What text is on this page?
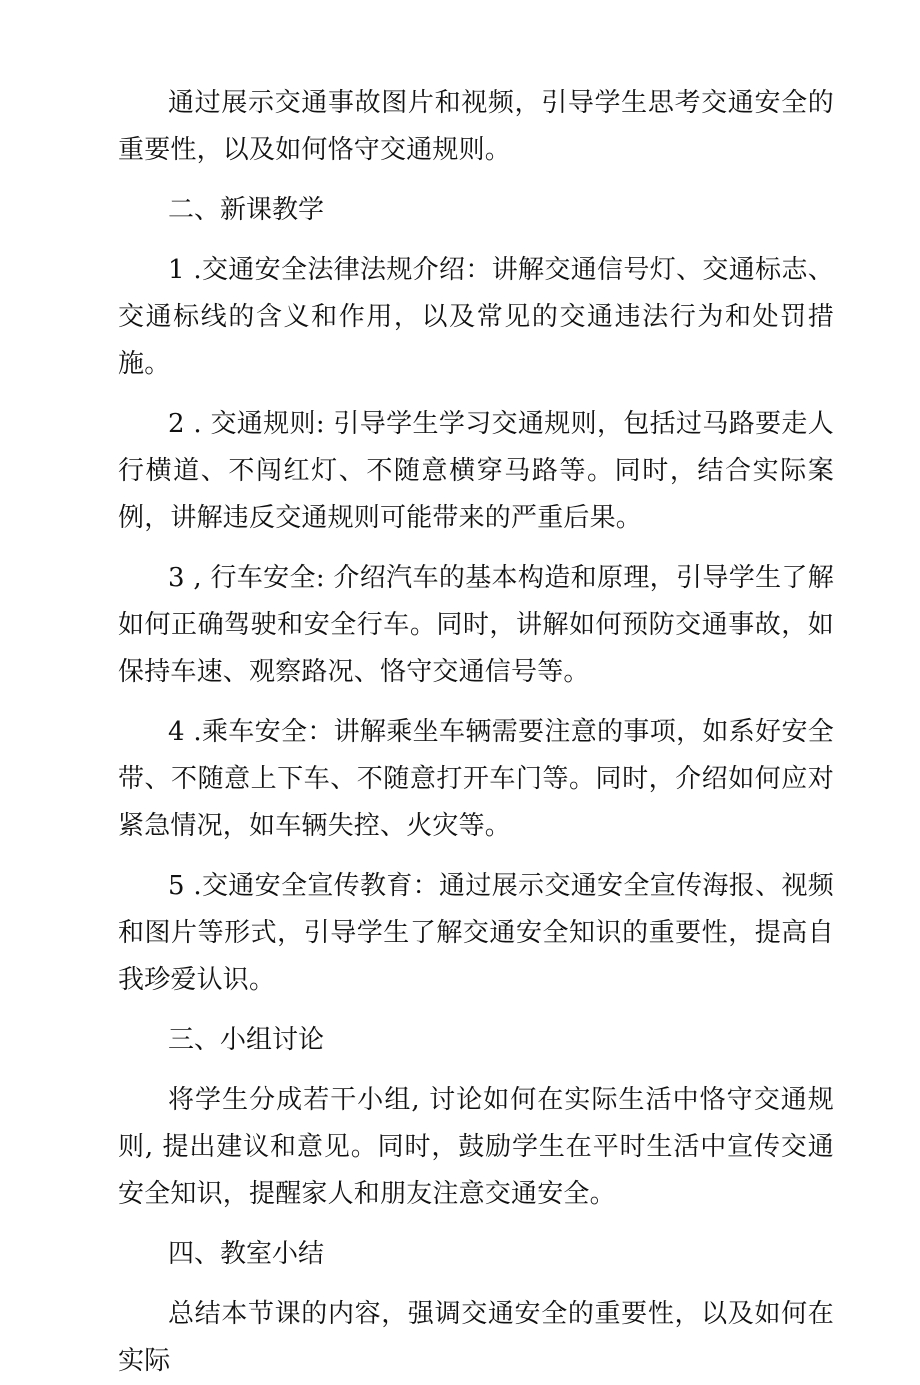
通过展示交通事故图片和视频，引导学生思考交通安全的重要性，以及如何恪守交通规则。

二、新课教学

1 .交通安全法律法规介绍：讲解交通信号灯、交通标志、交通标线的含义和作用，以及常见的交通违法行为和处罚措施。

2 . 交通规则: 引导学生学习交通规则，包括过马路要走人行横道、不闯红灯、不随意横穿马路等。同时，结合实际案例，讲解违反交通规则可能带来的严重后果。

3 , 行车安全: 介绍汽车的基本构造和原理，引导学生了解如何正确驾驶和安全行车。同时，讲解如何预防交通事故，如保持车速、观察路况、恪守交通信号等。

4 .乘车安全：讲解乘坐车辆需要注意的事项，如系好安全带、不随意上下车、不随意打开车门等。同时，介绍如何应对紧急情况，如车辆失控、火灾等。

5 .交通安全宣传教育：通过展示交通安全宣传海报、视频和图片等形式，引导学生了解交通安全知识的重要性，提高自我珍爱认识。

三、小组讨论

将学生分成若干小组, 讨论如何在实际生活中恪守交通规则, 提出建议和意见。同时，鼓励学生在平时生活中宣传交通安全知识，提醒家人和朋友注意交通安全。

四、教室小结

总结本节课的内容，强调交通安全的重要性，以及如何在实际
